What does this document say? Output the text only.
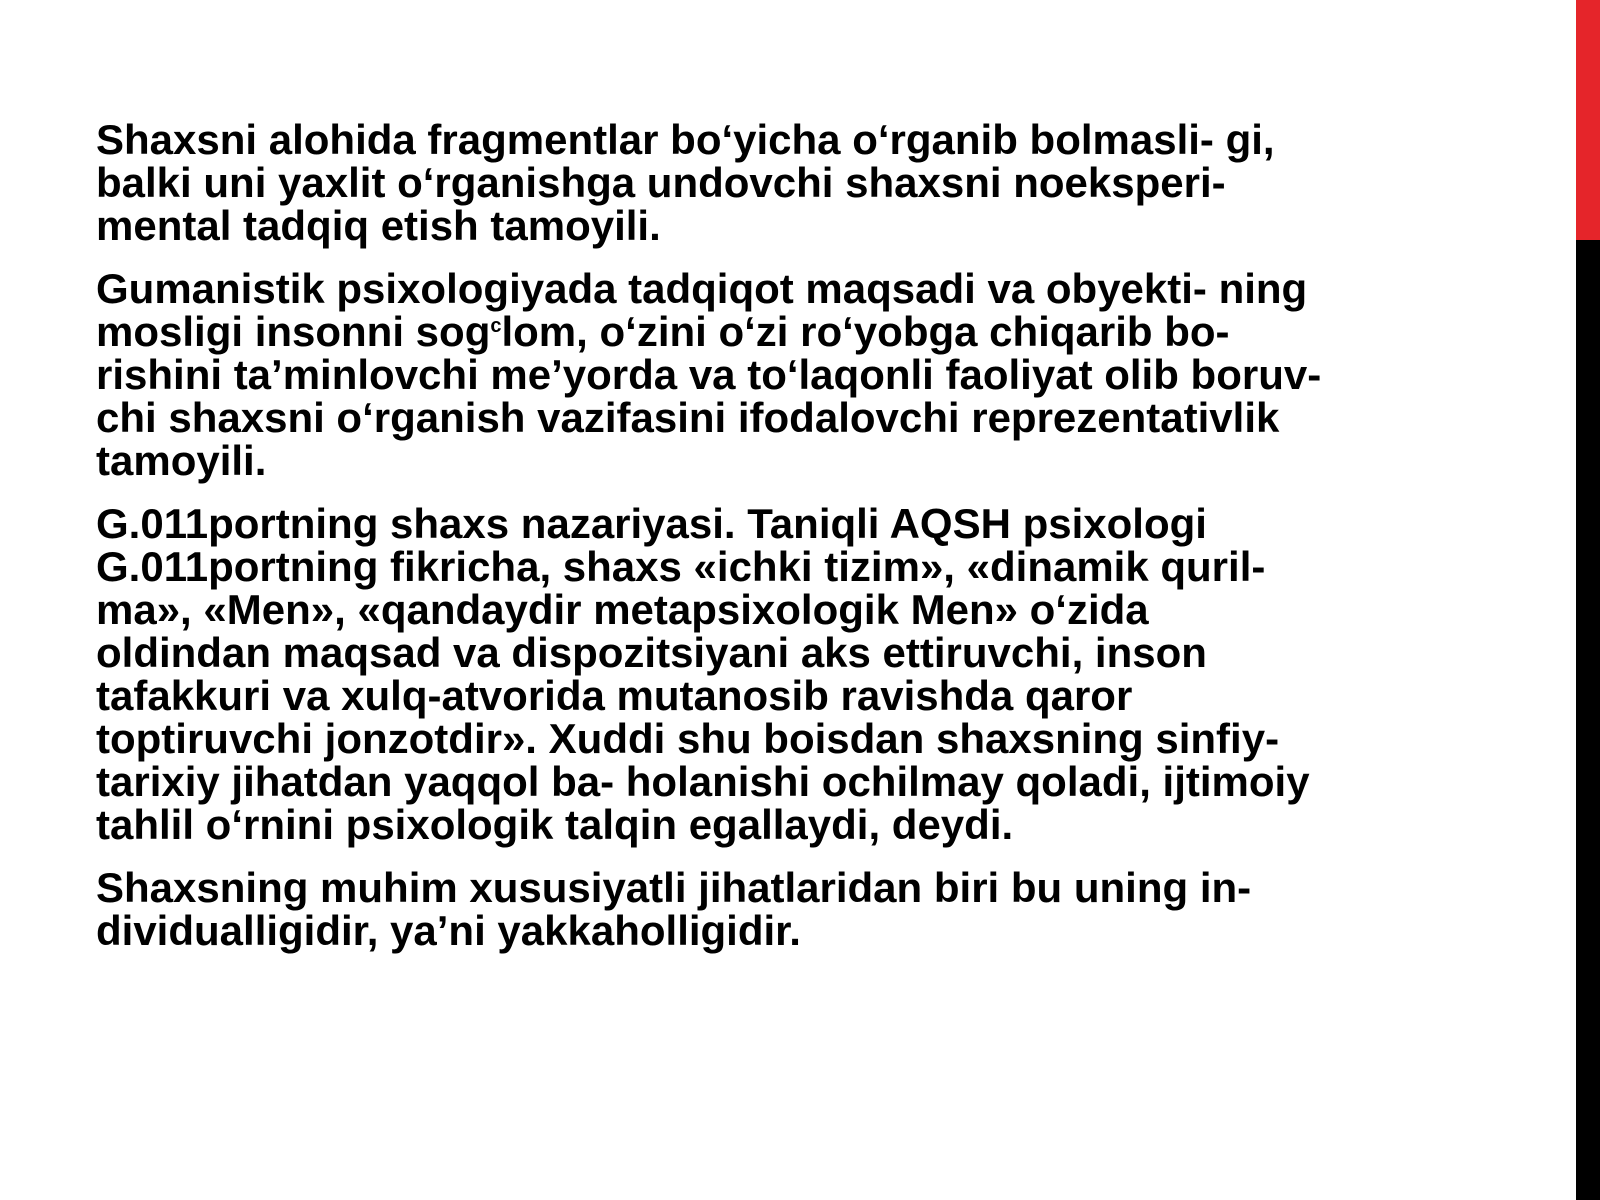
Shaxsni alohida fragmentlar bo‘yicha o‘rganib bolmasli- gi,
balki uni yaxlit o‘rganishga undovchi shaxsni noeksperi-
mental tadqiq etish tamoyili.

Gumanistik psixologiyada tadqiqot maqsadi va obyekti- ning
mosligi insonni sog$^c$lom, o‘zini o‘zi ro‘yobga chiqarib bo-
rishini ta’minlovchi me’yorda va to‘laqonli faoliyat olib boruv-
chi shaxsni o‘rganish vazifasini ifodalovchi reprezentativlik
tamoyili.

G.011portning shaxs nazariyasi. Taniqli AQSH psixologi
G.011portning fikricha, shaxs «ichki tizim», «dinamik quril-
ma», «Men», «qandaydir metapsixologik Men» o‘zida
oldindan maqsad va dispozitsiyani aks ettiruvchi, inson
tafakkuri va xulq-atvorida mutanosib ravishda qaror
toptiruvchi jonzotdir». Xuddi shu boisdan shaxsning sinfiy-
tarixiy jihatdan yaqqol ba- holanishi ochilmay qoladi, ijtimoiy
tahlil o‘rnini psixologik talqin egallaydi, deydi.

Shaxsning muhim xususiyatli jihatlaridan biri bu uning in-
dividualligidir, ya’ni yakkaholligidir.
